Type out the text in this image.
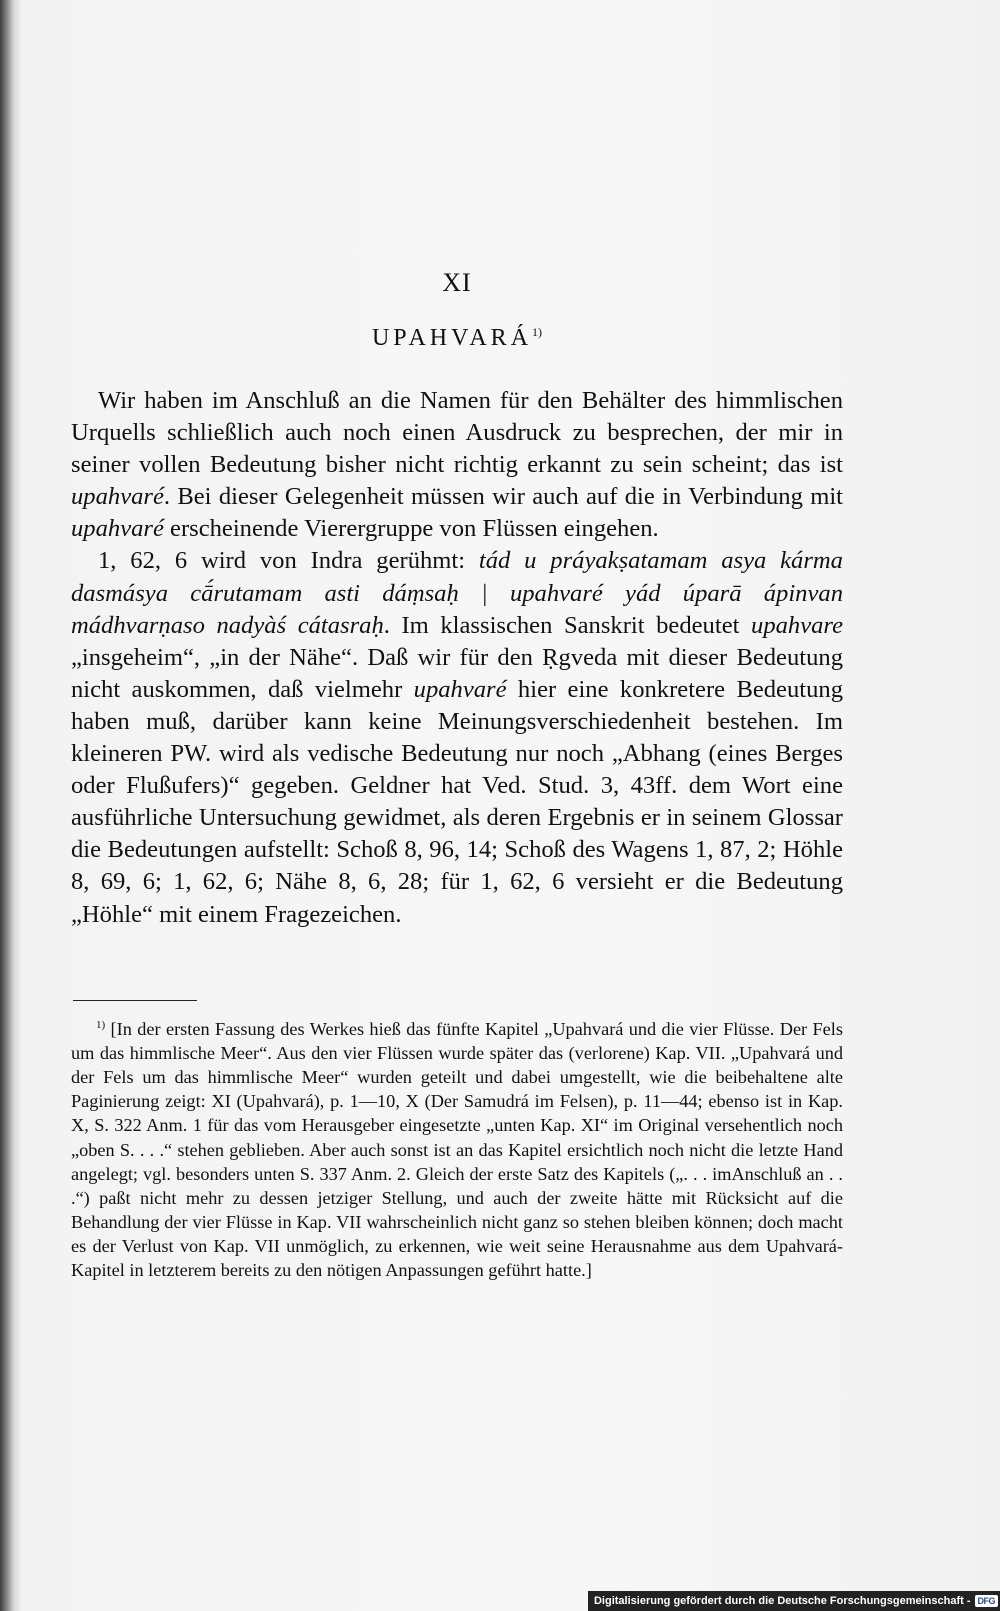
XI
UPAHVARÁ$^{1)}$

Wir haben im Anschluß an die Namen für den Behälter des himmlischen Urquells schließlich auch noch einen Ausdruck zu besprechen, der mir in seiner vollen Bedeutung bisher nicht richtig erkannt zu sein scheint; das ist upahvaré. Bei dieser Gelegenheit müssen wir auch auf die in Verbindung mit upahvaré erscheinende Vierergruppe von Flüssen eingehen.

1, 62, 6 wird von Indra gerühmt: tád u práyakṣatamam asya kárma dasmásya cā́rutamam asti dáṃsaḥ | upahvaré yád úparā ápinvan mádhvarṇaso nadyàś cátasraḥ. Im klassischen Sanskrit bedeutet upahvare „insgeheim“, „in der Nähe“. Daß wir für den Ṛgveda mit dieser Bedeutung nicht auskommen, daß vielmehr upahvaré hier eine konkretere Bedeutung haben muß, darüber kann keine Meinungsverschiedenheit bestehen. Im kleineren PW. wird als vedische Bedeutung nur noch „Abhang (eines Berges oder Flußufers)“ gegeben. Geldner hat Ved. Stud. 3, 43ff. dem Wort eine ausführliche Untersuchung gewidmet, als deren Ergebnis er in seinem Glossar die Bedeutungen aufstellt: Schoß 8, 96, 14; Schoß des Wagens 1, 87, 2; Höhle 8, 69, 6; 1, 62, 6; Nähe 8, 6, 28; für 1, 62, 6 versieht er die Bedeutung „Höhle“ mit einem Fragezeichen.

$^{1)}$ [In der ersten Fassung des Werkes hieß das fünfte Kapitel „Upahvará und die vier Flüsse. Der Fels um das himmlische Meer“. Aus den vier Flüssen wurde später das (verlorene) Kap. VII. „Upahvará und der Fels um das himmlische Meer“ wurden geteilt und dabei umgestellt, wie die beibehaltene alte Paginierung zeigt: XI (Upahvará), p. 1—10, X (Der Samudrá im Felsen), p. 11—44; ebenso ist in Kap. X, S. 322 Anm. 1 für das vom Herausgeber eingesetzte „unten Kap. XI“ im Original versehentlich noch „oben S. . . .“ stehen geblieben. Aber auch sonst ist an das Kapitel ersichtlich noch nicht die letzte Hand angelegt; vgl. besonders unten S. 337 Anm. 2. Gleich der erste Satz des Kapitels („. . . imAnschluß an . . .“) paßt nicht mehr zu dessen jetziger Stellung, und auch der zweite hätte mit Rücksicht auf die Behandlung der vier Flüsse in Kap. VII wahrscheinlich nicht ganz so stehen bleiben können; doch macht es der Verlust von Kap. VII unmöglich, zu erkennen, wie weit seine Herausnahme aus dem Upahvará-Kapitel in letzterem bereits zu den nötigen Anpassungen geführt hatte.]

Digitalisierung gefördert durch die Deutsche Forschungsgemeinschaft - DFG
